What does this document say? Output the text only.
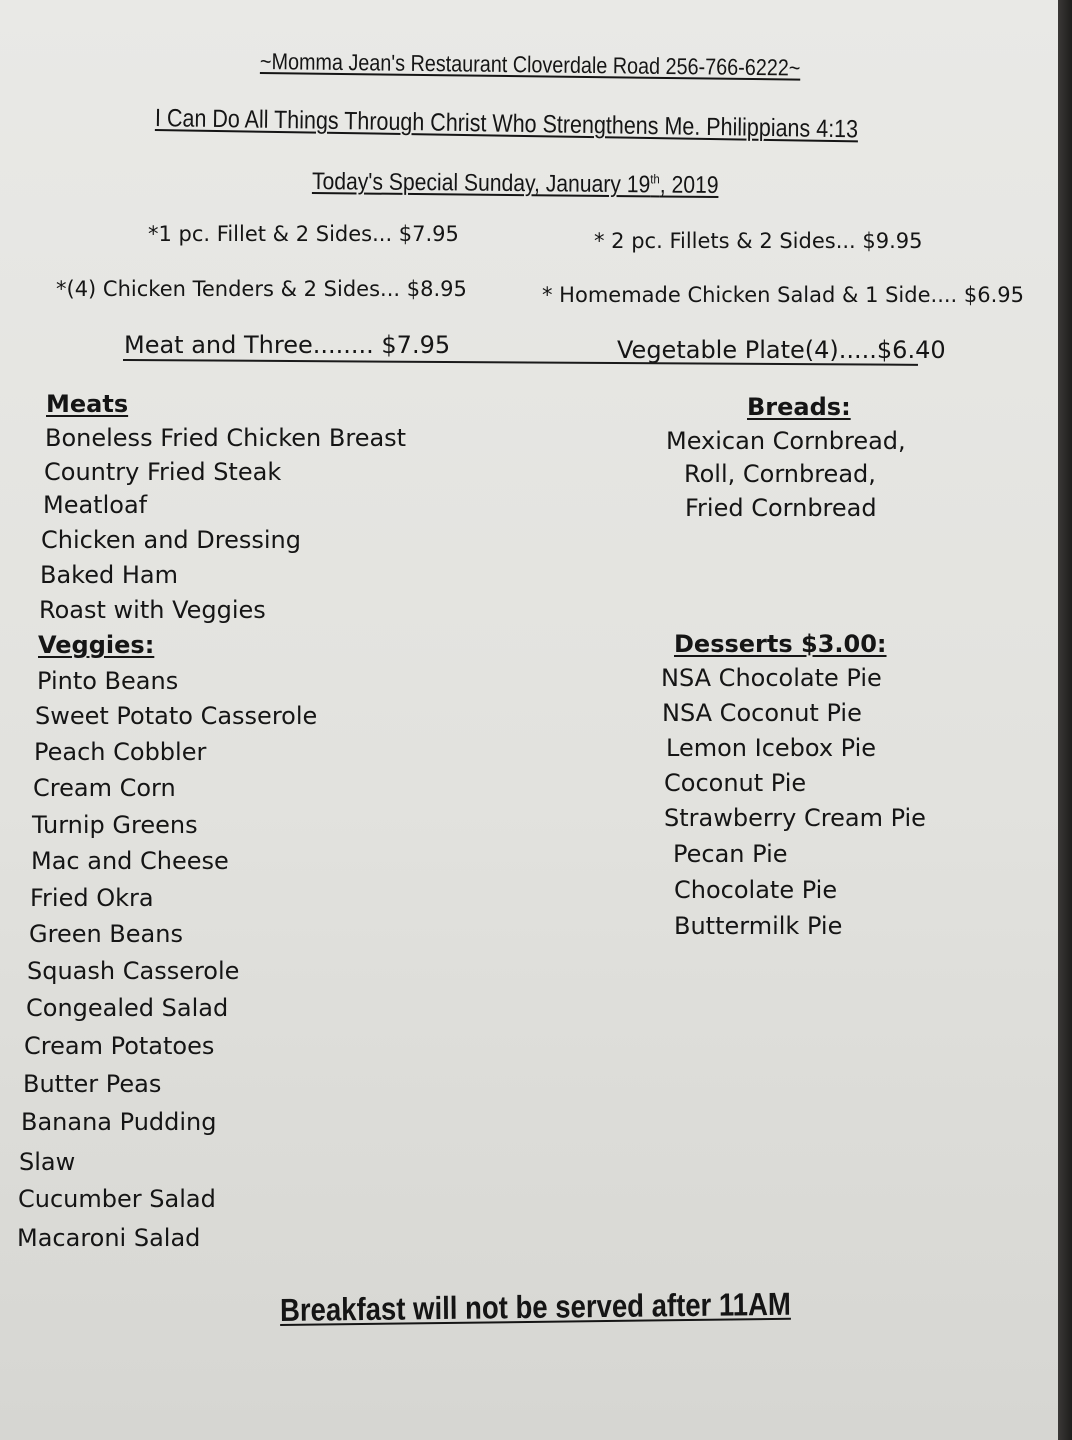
~Momma Jean's Restaurant Cloverdale Road 256-766-6222~
I Can Do All Things Through Christ Who Strengthens Me. Philippians 4:13
Today's Special Sunday, January 19th, 2019
*1 pc. Fillet & 2 Sides... $7.95	* 2 pc. Fillets & 2 Sides... $9.95
*(4) Chicken Tenders & 2 Sides... $8.95	* Homemade Chicken Salad & 1 Side.... $6.95
Meat and Three........ $7.95	Vegetable Plate(4).....$6.40
Meats
Boneless Fried Chicken Breast
Country Fried Steak
Meatloaf
Chicken and Dressing
Baked Ham
Roast with Veggies
Veggies:
Pinto Beans
Sweet Potato Casserole
Peach Cobbler
Cream Corn
Turnip Greens
Mac and Cheese
Fried Okra
Green Beans
Squash Casserole
Congealed Salad
Cream Potatoes
Butter Peas
Banana Pudding
Slaw
Cucumber Salad
Macaroni Salad
Breads:
Mexican Cornbread,
Roll, Cornbread,
Fried Cornbread
Desserts $3.00:
NSA Chocolate Pie
NSA Coconut Pie
Lemon Icebox Pie
Coconut Pie
Strawberry Cream Pie
Pecan Pie
Chocolate Pie
Buttermilk Pie
Breakfast will not be served after 11AM
